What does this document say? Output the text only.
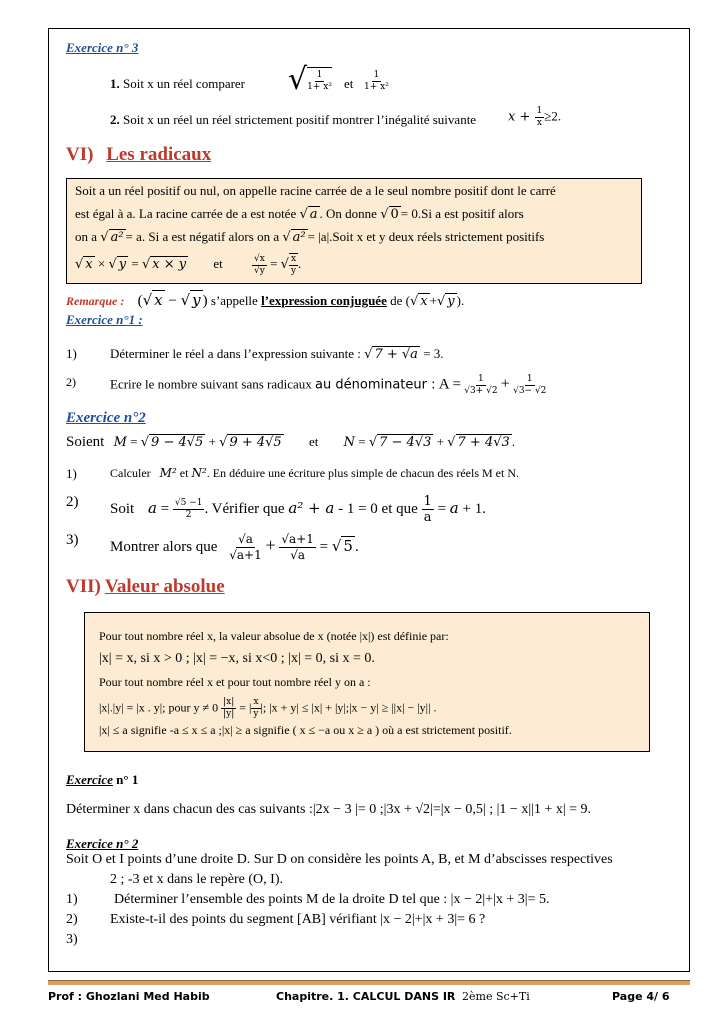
Exercice n° 3
1. Soit x un réel comparer √ $\frac{1}{\text{1+ x²}}$ et $\frac{1}{\text{1+ x²}}$
2. Soit x un réel un réel strictement positif montrer l’inégalité suivante $x + \frac{1}{x} \ge 2$.
VI) Les radicaux
Soit a un réel positif ou nul, on appelle racine carrée de a le seul nombre positif dont le carré
est égal à a. La racine carrée de a est notée √ a . On donne √ 0 = 0.Si a est positif alors
on a √ a² = a. Si a est négatif alors on a √ a² = |a|.Soit x et y deux réels strictement positifs
√ x × √ y = √ x × y et	$\frac{√x}{√y}$ = √ $\frac{x}{y}$ .
Remarque : (√ x − √ y ) s’appelle l’expression conjuguée de (√ x +√ y ).
Exercice n°1 :
1)	Déterminer le réel a dans l’expression suivante : √ 7 + √a = 3.
2)	Ecrire le nombre suivant sans radicaux au dénominateur : $A = \frac{1}{√3+ √2} + \frac{1}{√3- √2}$
Exercice n°2
Soient M = √ 9 − 4√5 + √ 9 + 4√5 et N = √ 7 − 4√3 + √ 7 + 4√3 .
1)	Calculer M² et N². En déduire une écriture plus simple de chacun des réels M et N.
2) Soit $a = \frac{√5 -1}{2}$ . Vérifier que a² + a - 1 = 0 et que $\frac{1}{a} = a + 1$.
3) Montrer alors que $\frac{√a}{√a+1} + \frac{√a+1}{√a}$ = √ 5 .
VII) Valeur absolue
Pour tout nombre réel x, la valeur absolue de x (notée |x|) est définie par:
|x| = x, si x > 0 ; |x| = −x, si x<0 ; |x| = 0, si x = 0.
Pour tout nombre réel x et pour tout nombre réel y on a :
|x|.|y| = |x . y|; pour $y \ne 0 \frac{|x|}{|y|}$ = | $\frac{x}{y}$ |; |x + y| ≤ |x| + |y|;|x − y| ≥ ||x| − |y|| .
|x| ≤ a signifie -a ≤ x ≤ a ;|x| ≥ a signifie ( x ≤ −a ou x ≥ a ) où a est strictement positif.
Exercice n° 1
Déterminer x dans chacun des cas suivants :|2x − 3 |= 0 ;|3x + √2|=|x − 0,5| ; |1 − x||1 + x| = 9.
Exercice n° 2
Soit O et I points d’une droite D. Sur D on considère les points A, B, et M d’abscisses respectives
2 ; -3 et x dans le repère (O, I).
1)	Déterminer l’ensemble des points M de la droite D tel que : |x − 2|+|x + 3|= 5.
2) Existe-t-il des points du segment [AB] vérifiant |x − 2|+|x + 3|= 6 ?
3)
Prof : Ghozlani Med Habib	Chapitre. 1. CALCUL DANS IR 2ème Sc+Ti	Page 4/ 6
